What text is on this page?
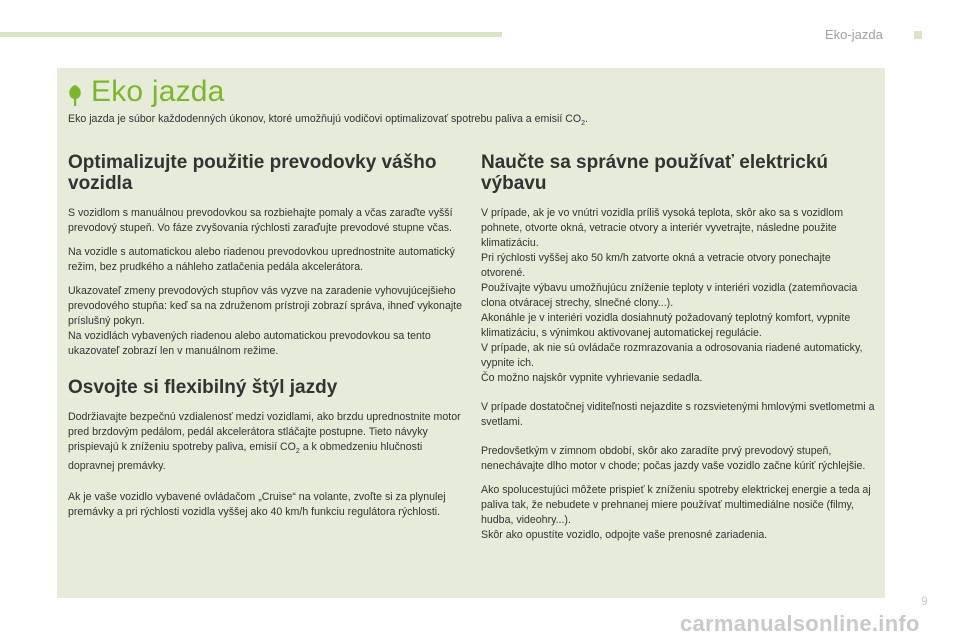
Eko-jazda
Eko jazda
Eko jazda je súbor každodenných úkonov, ktoré umožňujú vodičovi optimalizovať spotrebu paliva a emisií $CO_2$.
Optimalizujte použitie prevodovky vášho vozidla

S vozidlom s manuálnou prevodovkou sa rozbiehajte pomaly a včas zaraďte vyšší prevodový stupeň. Vo fáze zvyšovania rýchlosti zaraďujte prevodové stupne včas.

Na vozidle s automatickou alebo riadenou prevodovkou uprednostnite automatický režim, bez prudkého a náhleho zatlačenia pedála akcelerátora.

Ukazovateľ zmeny prevodových stupňov vás vyzve na zaradenie vyhovujúcejšieho prevodového stupňa: keď sa na združenom prístroji zobrazí správa, ihneď vykonajte príslušný pokyn.
Na vozidlách vybavených riadenou alebo automatickou prevodovkou sa tento ukazovateľ zobrazí len v manuálnom režime.

Osvojte si flexibilný štýl jazdy

Dodržiavajte bezpečnú vzdialenosť medzi vozidlami, ako brzdu uprednostnite motor pred brzdovým pedálom, pedál akcelerátora stláčajte postupne. Tieto návyky prispievajú k zníženiu spotreby paliva, emisií $CO_2$ a k obmedzeniu hlučnosti dopravnej premávky.

Ak je vaše vozidlo vybavené ovládačom „Cruise“ na volante, zvoľte si za plynulej premávky a pri rýchlosti vozidla vyššej ako 40 km/h funkciu regulátora rýchlosti.

Naučte sa správne používať elektrickú výbavu

V prípade, ak je vo vnútri vozidla príliš vysoká teplota, skôr ako sa s vozidlom pohnete, otvorte okná, vetracie otvory a interiér vyvetrajte, následne použite klimatizáciu.
Pri rýchlosti vyššej ako 50 km/h zatvorte okná a vetracie otvory ponechajte otvorené.
Používajte výbavu umožňujúcu zníženie teploty v interiéri vozidla (zatemňovacia clona otváracej strechy, slnečné clony...).
Akonáhle je v interiéri vozidla dosiahnutý požadovaný teplotný komfort, vypnite klimatizáciu, s výnimkou aktivovanej automatickej regulácie.
V prípade, ak nie sú ovládače rozmrazovania a odrosovania riadené automaticky, vypnite ich.
Čo možno najskôr vypnite vyhrievanie sedadla.

V prípade dostatočnej viditeľnosti nejazdite s rozsvietenými hmlovými svetlometmi a svetlami.

Predovšetkým v zimnom období, skôr ako zaradíte prvý prevodový stupeň, nenechávajte dlho motor v chode; počas jazdy vaše vozidlo začne kúriť rýchlejšie.

Ako spolucestujúci môžete prispieť k zníženiu spotreby elektrickej energie a teda aj paliva tak, že nebudete v prehnanej miere používať multimediálne nosiče (filmy, hudba, videohry...).
Skôr ako opustíte vozidlo, odpojte vaše prenosné zariadenia.

carmanualsonline.info
9
